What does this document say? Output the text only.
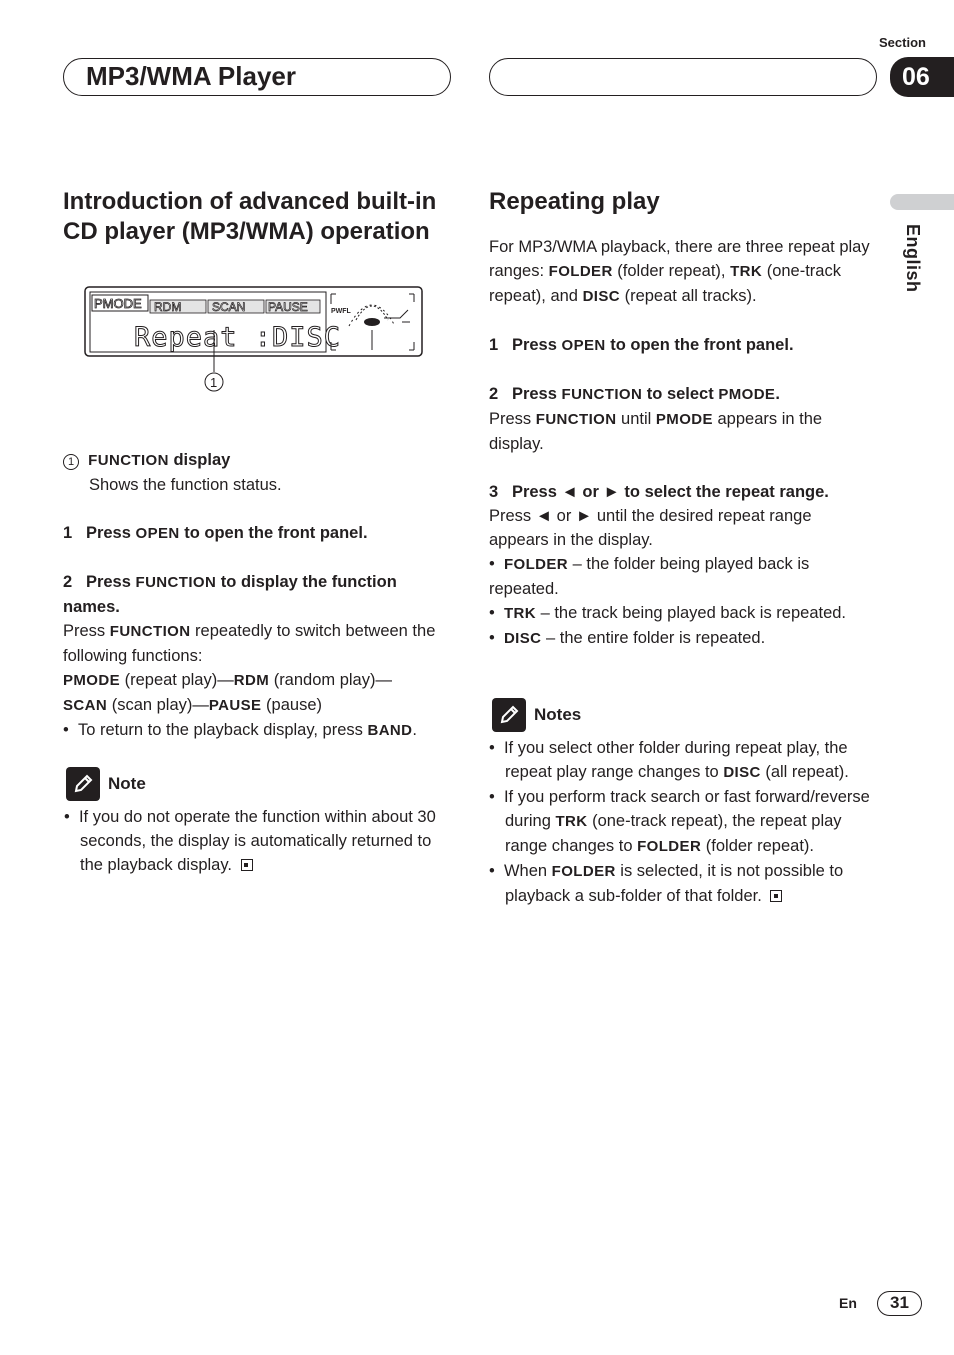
MP3/WMA Player
Section
06
English
Introduction of advanced built-in CD player (MP3/WMA) operation
PMODE RDM	SCAN PAUSE
Repeat :DISC
PWFL
1

1 FUNCTION display

Shows the function status.

1 Press OPEN to open the front panel.

2 Press FUNCTION to display the function names.

Press FUNCTION repeatedly to switch between the following functions:

PMODE (repeat play)—RDM (random play)—

SCAN (scan play)—PAUSE (pause)

•  To return to the playback display, press BAND.

Note

•  If you do not operate the function within about 30 seconds, the display is automatically returned to the playback display.

Repeating play

For MP3/WMA playback, there are three repeat play ranges: FOLDER (folder repeat), TRK (one-track repeat), and DISC (repeat all tracks).

1 Press OPEN to open the front panel.

2 Press FUNCTION to select PMODE.

Press FUNCTION until PMODE appears in the display.

3 Press ◄ or ► to select the repeat range.

Press ◄ or ► until the desired repeat range appears in the display.

•  FOLDER – the folder being played back is repeated.

•  TRK – the track being played back is repeated.

•  DISC – the entire folder is repeated.

Notes

•  If you select other folder during repeat play, the repeat play range changes to DISC (all repeat).

•  If you perform track search or fast forward/reverse during TRK (one-track repeat), the repeat play range changes to FOLDER (folder repeat).

•  When FOLDER is selected, it is not possible to playback a sub-folder of that folder.

En	31
